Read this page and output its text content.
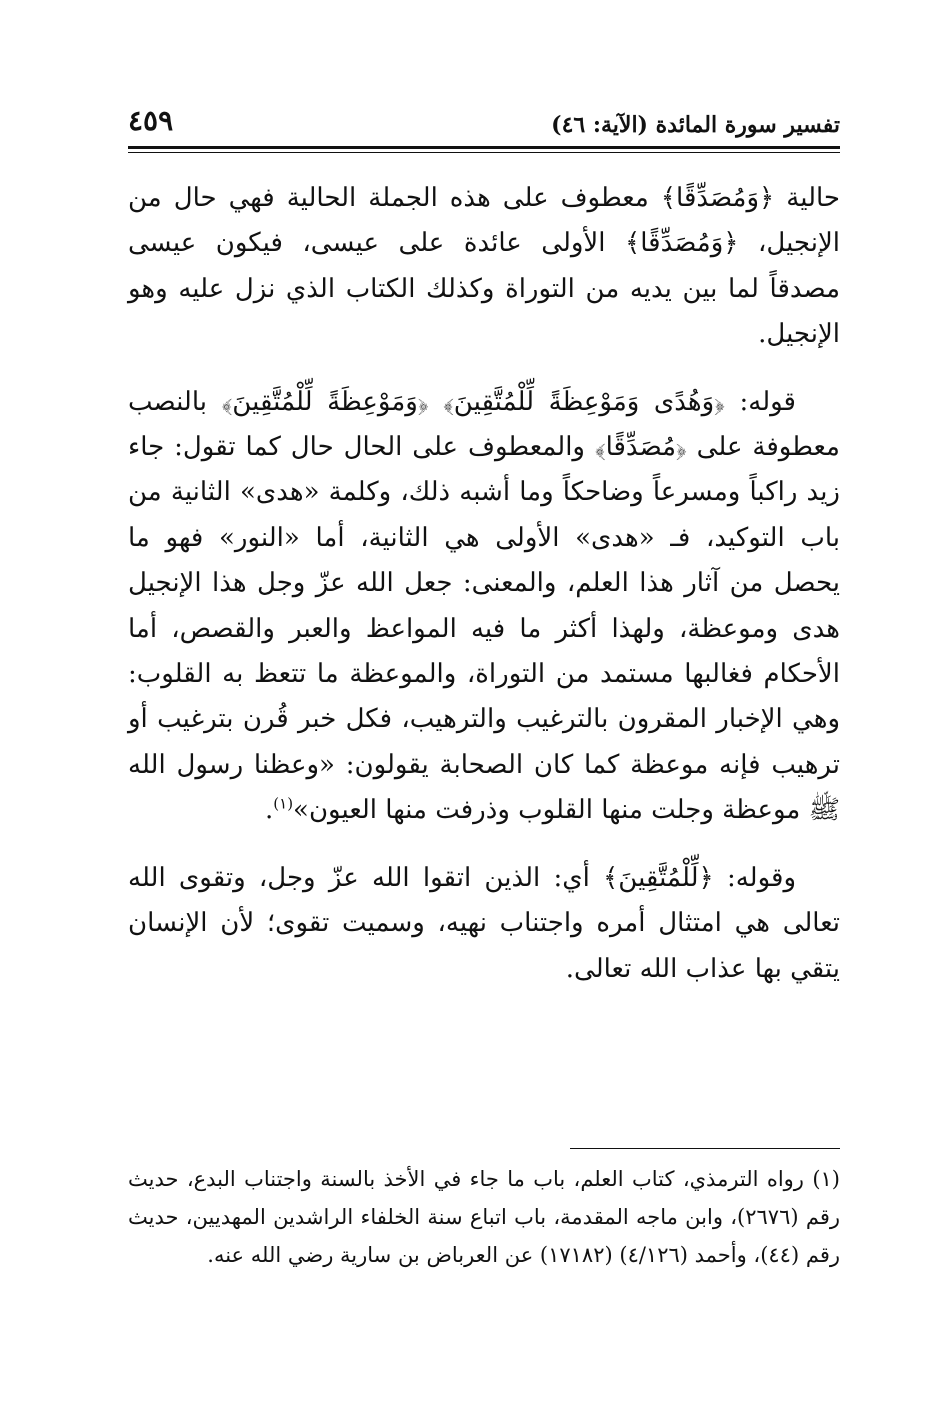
تفسير سورة المائدة (الآية: ٤٦)
٤٥٩

حالية ﴿وَمُصَدِّقًا﴾ معطوف على هذه الجملة الحالية فهي حال من الإنجيل، ﴿وَمُصَدِّقًا﴾ الأولى عائدة على عيسى، فيكون عيسى مصدقاً لما بين يديه من التوراة وكذلك الكتاب الذي نزل عليه وهو الإنجيل.

قوله: ﴿وَهُدًى وَمَوْعِظَةً لِّلْمُتَّقِينَ﴾ ﴿وَمَوْعِظَةً لِّلْمُتَّقِينَ﴾ بالنصب معطوفة على ﴿مُصَدِّقًا﴾ والمعطوف على الحال حال كما تقول: جاء زيد راكباً ومسرعاً وضاحكاً وما أشبه ذلك، وكلمة «هدى» الثانية من باب التوكيد، فـ «هدى» الأولى هي الثانية، أما «النور» فهو ما يحصل من آثار هذا العلم، والمعنى: جعل الله عزّ وجل هذا الإنجيل هدى وموعظة، ولهذا أكثر ما فيه المواعظ والعبر والقصص، أما الأحكام فغالبها مستمد من التوراة، والموعظة ما تتعظ به القلوب: وهي الإخبار المقرون بالترغيب والترهيب، فكل خبر قُرن بترغيب أو ترهيب فإنه موعظة كما كان الصحابة يقولون: «وعظنا رسول الله ﷺ موعظة وجلت منها القلوب وذرفت منها العيون»$^{(١)}$.

وقوله: ﴿لِّلْمُتَّقِينَ﴾ أي: الذين اتقوا الله عزّ وجل، وتقوى الله تعالى هي امتثال أمره واجتناب نهيه، وسميت تقوى؛ لأن الإنسان يتقي بها عذاب الله تعالى.

(١) رواه الترمذي، كتاب العلم، باب ما جاء في الأخذ بالسنة واجتناب البدع، حديث رقم (٢٦٧٦)، وابن ماجه المقدمة، باب اتباع سنة الخلفاء الراشدين المهديين، حديث رقم (٤٤)، وأحمد (٤/١٢٦) (١٧١٨٢) عن العرباض بن سارية رضي الله عنه.
